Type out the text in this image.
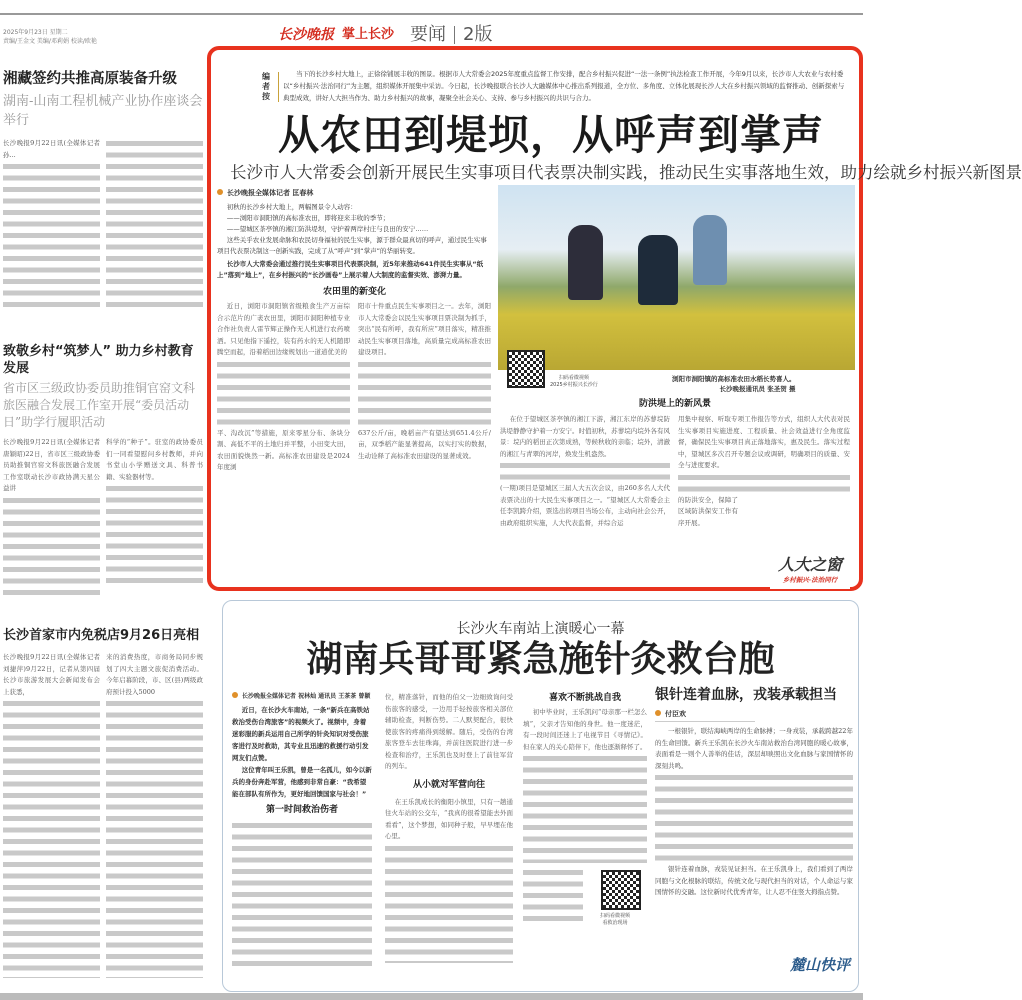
2025年9月23日 星期二
责编/王金文 美编/邓莉娟 校读/欧艳	长沙晚报 掌上长沙 要闻 2版
湘藏签约共推高原装备升级
湖南-山南工程机械产业协作座谈会举行
长沙晚报9月22日讯(全媒体记者 孙...
致敬乡村“筑梦人” 助力乡村教育发展
省市区三级政协委员助推铜官窑文科旅医融合发展工作室开展“委员活动日”助学行履职活动
长沙晚报9月22日讯(全媒体记者 唐颖昭)22日，省市区三级政协委员助推铜官窑文科旅医融合发展工作室联动长沙市政协满天星公益讲
科学的“种子”。驻室的政协委员们一同看望慰问乡村教师，并向书堂山小学赠送文具、科普书籍、实验器材等。
长沙首家市内免税店9月26日亮相
长沙晚报9月22日讯(全媒体记者 刘捷萍)9月22日，记者从第四届长沙市旅游发展大会新闻发布会上获悉，
来的消费热度，市商务局同步规划了四大主题文旅促消费活动。今年启幕阶段，市、区(县)两级政府预计投入5000
编者按
当下的长沙乡村大地上，正徐徐铺展丰收的图景。根据市人大常委会2025年度重点监督工作安排，配合乡村振兴促进“一法一条例”执法检查工作开展，今年9月以来，长沙市人大农业与农村委以“乡村振兴·法治同行”为主题，组织媒体开展集中采访。今日起，长沙晚报联合长沙人大融媒体中心推出系列报道，全方位、多角度、立体化展现长沙人大在乡村振兴领域的监督推动、创新探索与典型成效，讲好人大担当作为、助力乡村振兴的故事，凝聚全社会关心、支持、参与乡村振兴的共识与合力。
从农田到堤坝，从呼声到掌声
长沙市人大常委会创新开展民生实事项目代表票决制实践，推动民生实事落地生效，助力绘就乡村振兴新图景
长沙晚报全媒体记者 匡春林
初秋的长沙乡村大地上，两幅图景令人动容：
——浏阳市洞阳镇的高标准农田，即将迎来丰收的季节；
——望城区茶亭镇的湘江防洪堤坝，守护着两岸村庄与良田的安宁……
这些关乎农业发展命脉和农民切身福祉的民生实事，源于群众最真切的呼声，通过民生实事项目代表票决制这一创新实践，完成了从“呼声”到“掌声”的华丽转变。
长沙市人大常委会通过推行民生实事项目代表票决制，近5年来推动641件民生实事从“纸上”落到“地上”，在乡村振兴的“长沙画卷”上展示着人大制度的监督实效、澎湃力量。
农田里的新变化
近日，浏阳市洞阳镇省级粮食生产万亩综合示范片的广袤农田里，浏阳市洞阳种植专业合作社负责人雷节辉正操作无人机进行农药喷洒。只见他指下遥控，装有药水的无人机随即腾空而起，沿着稻田边缘规划出一道道优美的
平、沟改沉”等措施，原来零星分布、条块分割、高低不平的土地归并平整，小田变大田，农田面貌焕然一新。高标准农田建设是2024年度浏
阳市十件重点民生实事项目之一。去年，浏阳市人大常委会以民生实事项目票决制为抓手，突出“民有所呼，我有所应”项目落实，精准推动民生实事项目落地，高质量完成高标准农田建设项目。
637公斤/亩，晚稻亩产有望达到651.4公斤/亩，双季稻产能显著提高，以实打实的数据，生动诠释了高标准农田建设的显著成效。
扫码看微视频
2025乡村振兴长沙行
浏阳市洞阳镇的高标准农田水稻长势喜人。
长沙晚报通讯员 张圣贺 摄
防洪堤上的新风景
在位于望城区茶亭镇的湘江下游，湘江东岸的苏蓼垸防洪堤静静守护着一方安宁。时值初秋，苏蓼垸内垸外各有风景：垸内的稻田正次第成熟，等候秋收的亲临；垸外，清澈的湘江与青翠的河岸，焕发生机盎然。
(一期)项目是望城区三届人大五次会议，由260多名人大代表票决出的十大民生实事项目之一。“望城区人大常委会主任李凯跨介绍，票选出的项目当场公布，主动向社会公开，由政府组织实施，人大代表监督，并综合运
用集中视察、听取专项工作报告等方式，组织人大代表对民生实事项目实施进度、工程质量、社会效益进行全角度监督，确保民生实事项目真正落地落实，惠及民生。落实过程中，望城区多次召开专题会议或调研，明确项目的质量、安全与进度要求。
的防洪安全，保障了区域防洪保安工作有序开展。
人大之窗
乡村振兴·法治同行
长沙火车南站上演暖心一幕
湖南兵哥哥紧急施针灸救台胞
长沙晚报全媒体记者 祝林灿 通讯员 王茶茶 曾颖
近日，在长沙火车南站，一条“新兵在高铁站救治受伤台湾旅客”的视频火了。视频中，身着迷彩服的新兵运用自己所学的针灸知识对受伤旅客进行及时救助，其专业且迅速的救援行动引发网友们点赞。
这位青年叫王乐凯，曾是一名孤儿，如今以新兵的身份奔赴军营，他感到非常自豪：“我希望能在部队有所作为，更好地回馈国家与社会！”
第一时间救治伤者
位，精准落针，而他的伯父一边细致询问受伤旅客的感受，一边用手轻按旅客相关部位辅助检查，判断伤势。二人默契配合，很快使旅客的疼痛得到缓解。随后，受伤的台湾旅客登车去往珠海，并前往医院进行进一步检查和治疗，王乐凯也及时登上了前往军营的列车。
从小就对军营向往
在王乐凯成长的衡阳小镇里，只有一趟通往火车站的公交车，“我真的很希望能去外面看看”，这个梦想，如同种子般，早早埋在他心里。
喜欢不断挑战自我
初中毕业时，王乐凯问“母亲那一栏怎么填”，父亲才告知他的身世。他一度迷茫，有一段时间还迷上了电视节目《寻情记》。但在家人的关心陪伴下，他也逐渐释怀了。
扫码看微视频
看救治现场
银针连着血脉，戎装承载担当
付臣欢
一根银针，联结海峡两岸的生命脉搏；一身戎装，承载跨越22年的生命回馈。新兵王乐凯在长沙火车南站救治台湾同胞的暖心故事，表面看是一则个人善举的佳话，深层却映照出文化血脉与家国情怀的深刻共鸣。
银针连着血脉，戎装见证担当。在王乐凯身上，我们看到了两岸同胞与文化根脉的联结，传统文化与现代担当的对话，个人命运与家国情怀的交融。这位新时代优秀青年，让人忍不住竖大拇指点赞。
麓山快评
